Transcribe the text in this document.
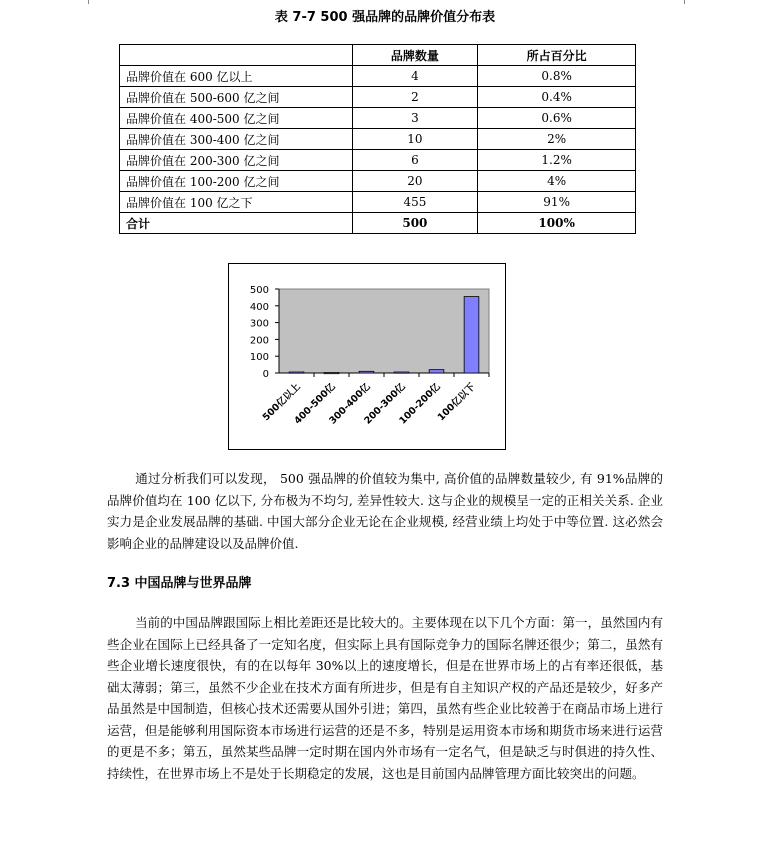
表 7-7 500 强品牌的品牌价值分布表
	品牌数量	所占百分比
品牌价值在 600 亿以上	4	0.8%
品牌价值在 500-600 亿之间	2	0.4%
品牌价值在 400-500 亿之间	3	0.6%
品牌价值在 300-400 亿之间	10	2%
品牌价值在 200-300 亿之间	6	1.2%
品牌价值在 100-200 亿之间	20	4%
品牌价值在 100 亿之下	455	91%
合计	500	100%
500
400
300
200
100
0
500亿以上
400-500亿
300-400亿
200-300亿
100-200亿
100亿以下

通过分析我们可以发现， 500 强品牌的价值较为集中, 高价值的品牌数量较少, 有 91%品牌的品牌价值均在 100 亿以下, 分布极为不均匀, 差异性较大. 这与企业的规模呈一定的正相关关系. 企业实力是企业发展品牌的基础. 中国大部分企业无论在企业规模, 经营业绩上均处于中等位置. 这必然会影响企业的品牌建设以及品牌价值.

7.3 中国品牌与世界品牌

当前的中国品牌跟国际上相比差距还是比较大的。主要体现在以下几个方面：第一，虽然国内有些企业在国际上已经具备了一定知名度，但实际上具有国际竞争力的国际名牌还很少；第二，虽然有些企业增长速度很快，有的在以每年 30%以上的速度增长，但是在世界市场上的占有率还很低，基础太薄弱；第三，虽然不少企业在技术方面有所进步，但是有自主知识产权的产品还是较少，好多产品虽然是中国制造，但核心技术还需要从国外引进；第四，虽然有些企业比较善于在商品市场上进行运营，但是能够利用国际资本市场进行运营的还是不多，特别是运用资本市场和期货市场来进行运营的更是不多；第五，虽然某些品牌一定时期在国内外市场有一定名气，但是缺乏与时俱进的持久性、持续性，在世界市场上不是处于长期稳定的发展，这也是目前国内品牌管理方面比较突出的问题。
